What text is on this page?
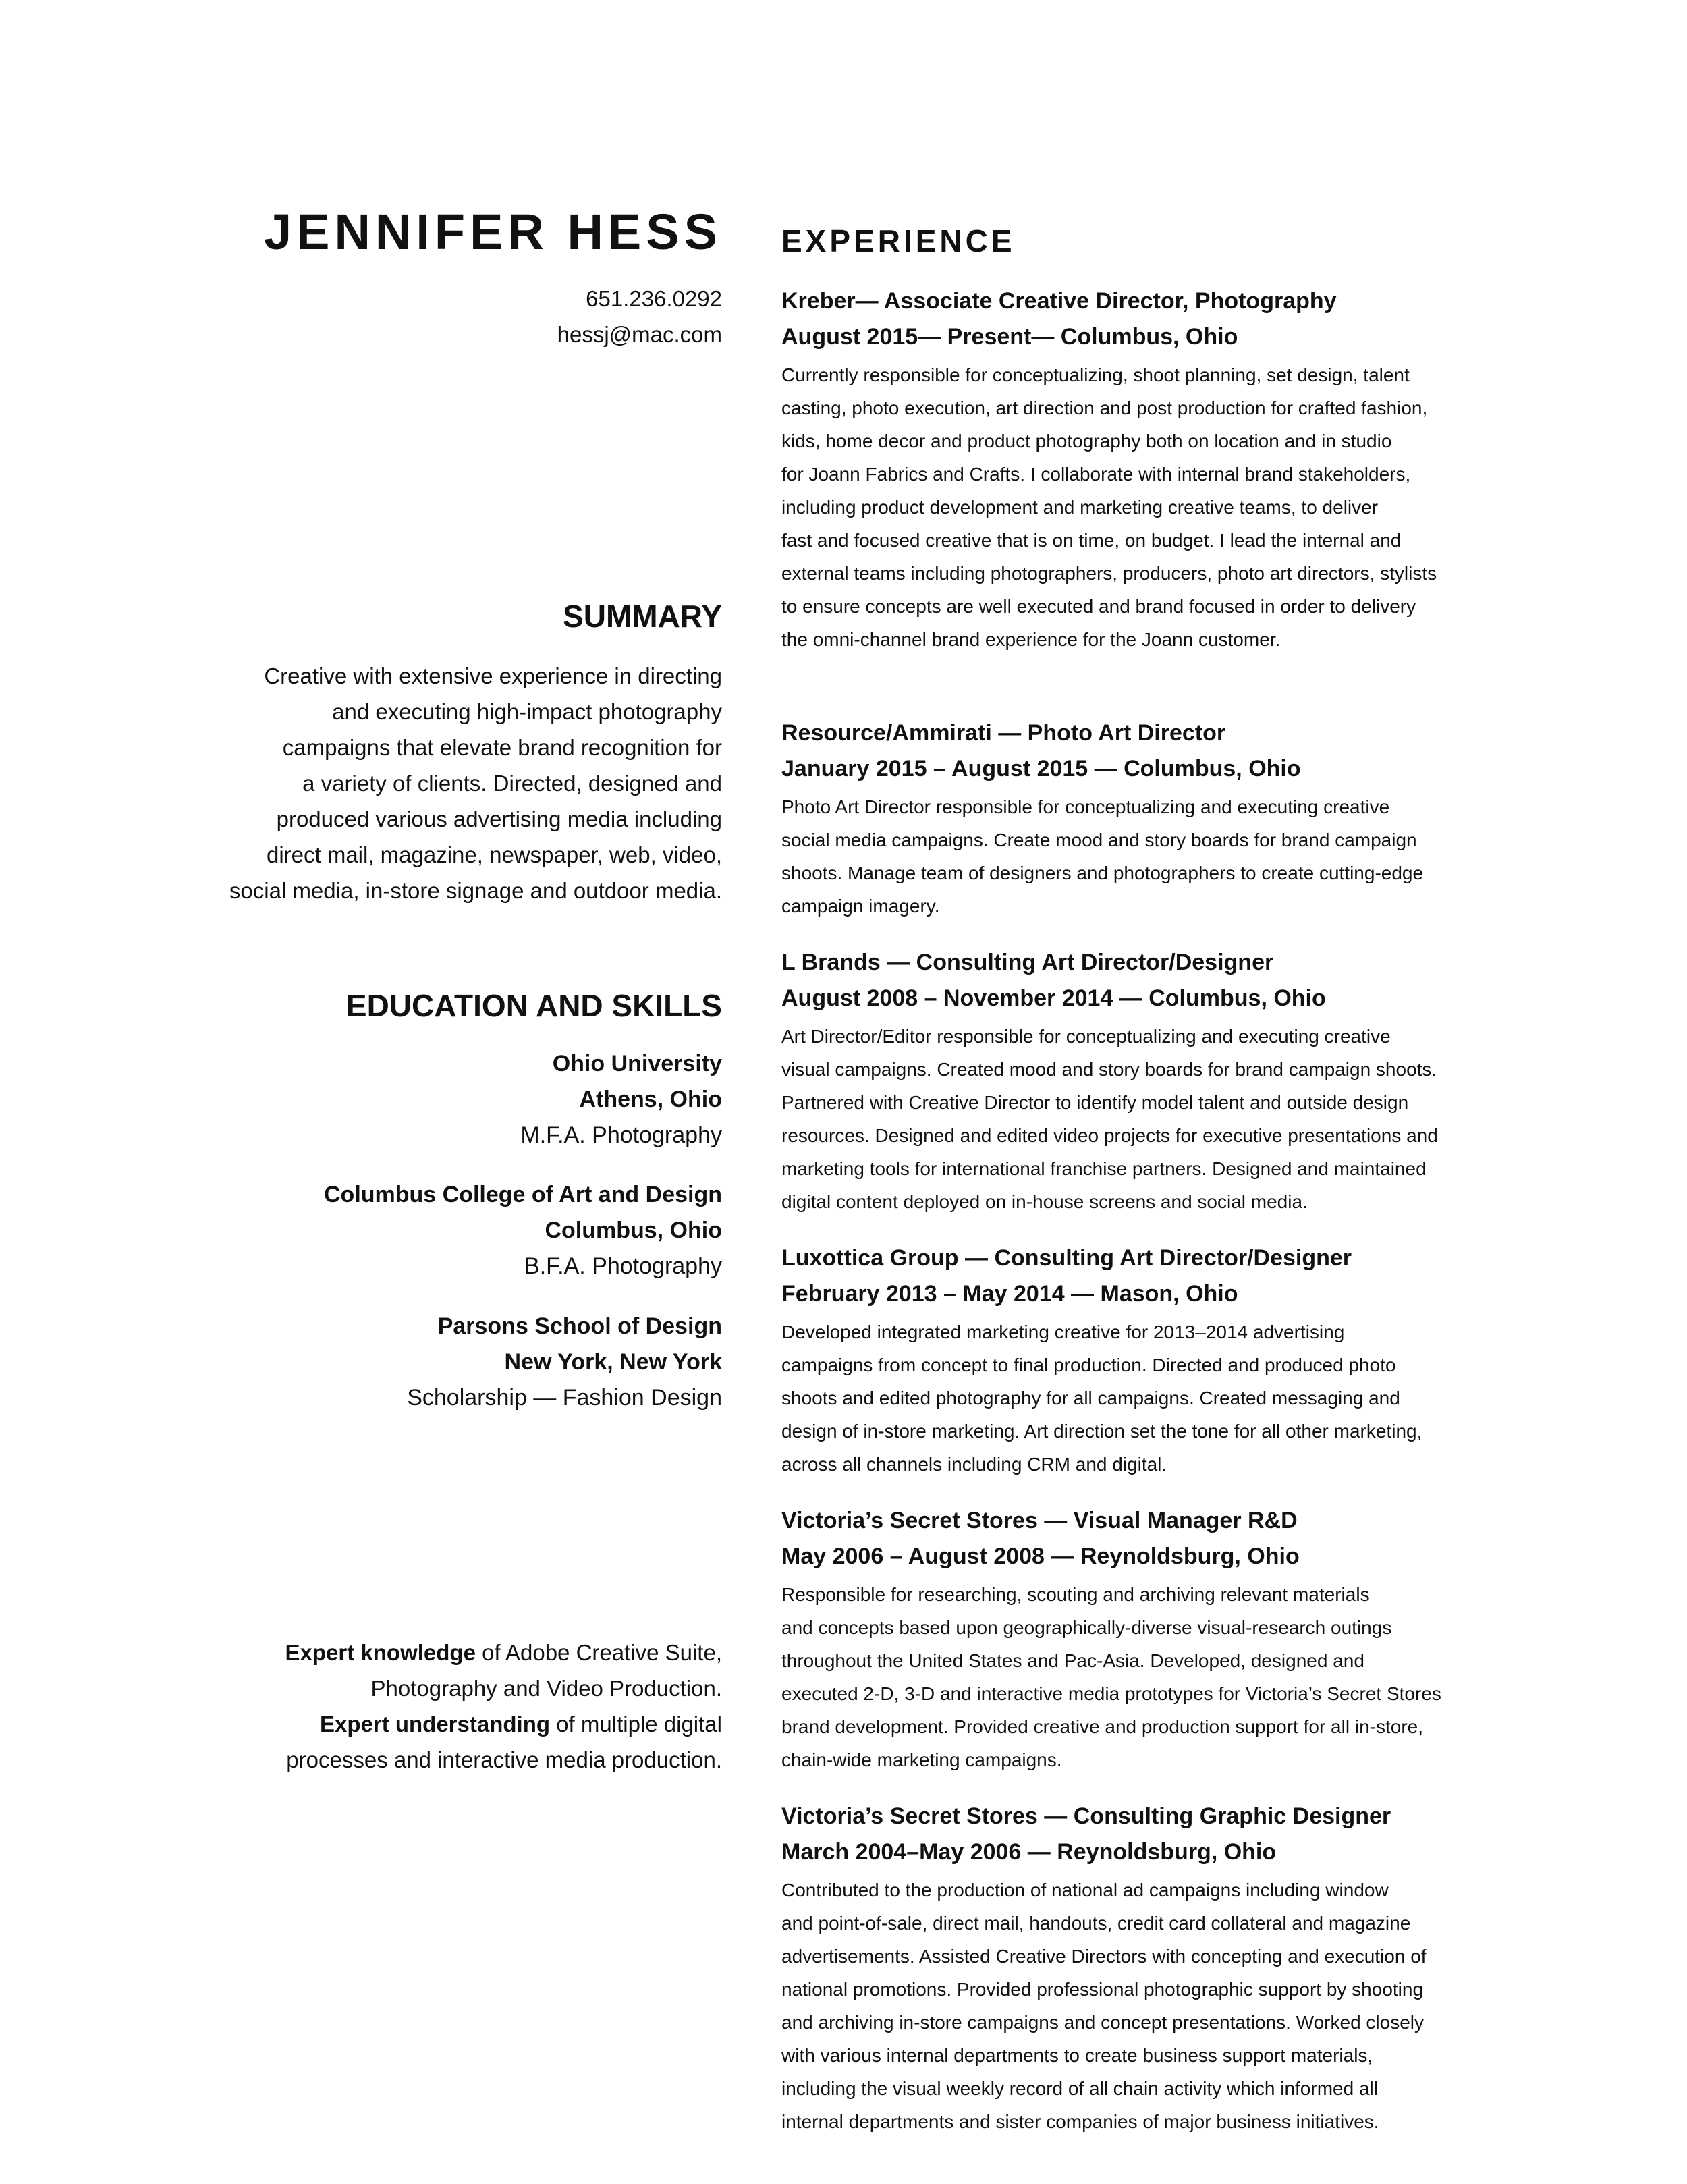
JENNIFER HESS
651.236.0292
hessj@mac.com
SUMMARY
Creative with extensive experience in directing
and executing high-impact photography
campaigns that elevate brand recognition for
a variety of clients. Directed, designed and
produced various advertising media including
direct mail, magazine, newspaper, web, video,
social media, in-store signage and outdoor media.
EDUCATION AND SKILLS
Ohio University
Athens, Ohio
M.F.A. Photography
Columbus College of Art and Design
Columbus, Ohio
B.F.A. Photography
Parsons School of Design
New York, New York
Scholarship — Fashion Design
Expert knowledge of Adobe Creative Suite,
Photography and Video Production.
Expert understanding of multiple digital
processes and interactive media production.
EXPERIENCE
Kreber— Associate Creative Director, Photography
August 2015— Present— Columbus, Ohio
Currently responsible for conceptualizing, shoot planning, set design, talent
casting, photo execution, art direction and post production for crafted fashion,
kids, home decor and product photography both on location and in studio
for Joann Fabrics and Crafts. I collaborate with internal brand stakeholders,
including product development and marketing creative teams, to deliver
fast and focused creative that is on time, on budget. I lead the internal and
external teams including photographers, producers, photo art directors, stylists
to ensure concepts are well executed and brand focused in order to delivery
the omni-channel brand experience for the Joann customer.
Resource/Ammirati — Photo Art Director
January 2015 – August 2015 — Columbus, Ohio
Photo Art Director responsible for conceptualizing and executing creative
social media campaigns. Create mood and story boards for brand campaign
shoots. Manage team of designers and photographers to create cutting-edge
campaign imagery.
L Brands — Consulting Art Director/Designer
August 2008 – November 2014 — Columbus, Ohio
Art Director/Editor responsible for conceptualizing and executing creative
visual campaigns. Created mood and story boards for brand campaign shoots.
Partnered with Creative Director to identify model talent and outside design
resources. Designed and edited video projects for executive presentations and
marketing tools for international franchise partners. Designed and maintained
digital content deployed on in-house screens and social media.
Luxottica Group — Consulting Art Director/Designer
February 2013 – May 2014 — Mason, Ohio
Developed integrated marketing creative for 2013–2014 advertising
campaigns from concept to final production. Directed and produced photo
shoots and edited photography for all campaigns. Created messaging and
design of in-store marketing. Art direction set the tone for all other marketing,
across all channels including CRM and digital.
Victoria’s Secret Stores — Visual Manager R&D
May 2006 – August 2008 — Reynoldsburg, Ohio
Responsible for researching, scouting and archiving relevant materials
and concepts based upon geographically-diverse visual-research outings
throughout the United States and Pac-Asia. Developed, designed and
executed 2-D, 3-D and interactive media prototypes for Victoria’s Secret Stores
brand development. Provided creative and production support for all in-store,
chain-wide marketing campaigns.
Victoria’s Secret Stores — Consulting Graphic Designer
March 2004–May 2006 — Reynoldsburg, Ohio
Contributed to the production of national ad campaigns including window
and point-of-sale, direct mail, handouts, credit card collateral and magazine
advertisements. Assisted Creative Directors with concepting and execution of
national promotions. Provided professional photographic support by shooting
and archiving in-store campaigns and concept presentations. Worked closely
with various internal departments to create business support materials,
including the visual weekly record of all chain activity which informed all
internal departments and sister companies of major business initiatives.
